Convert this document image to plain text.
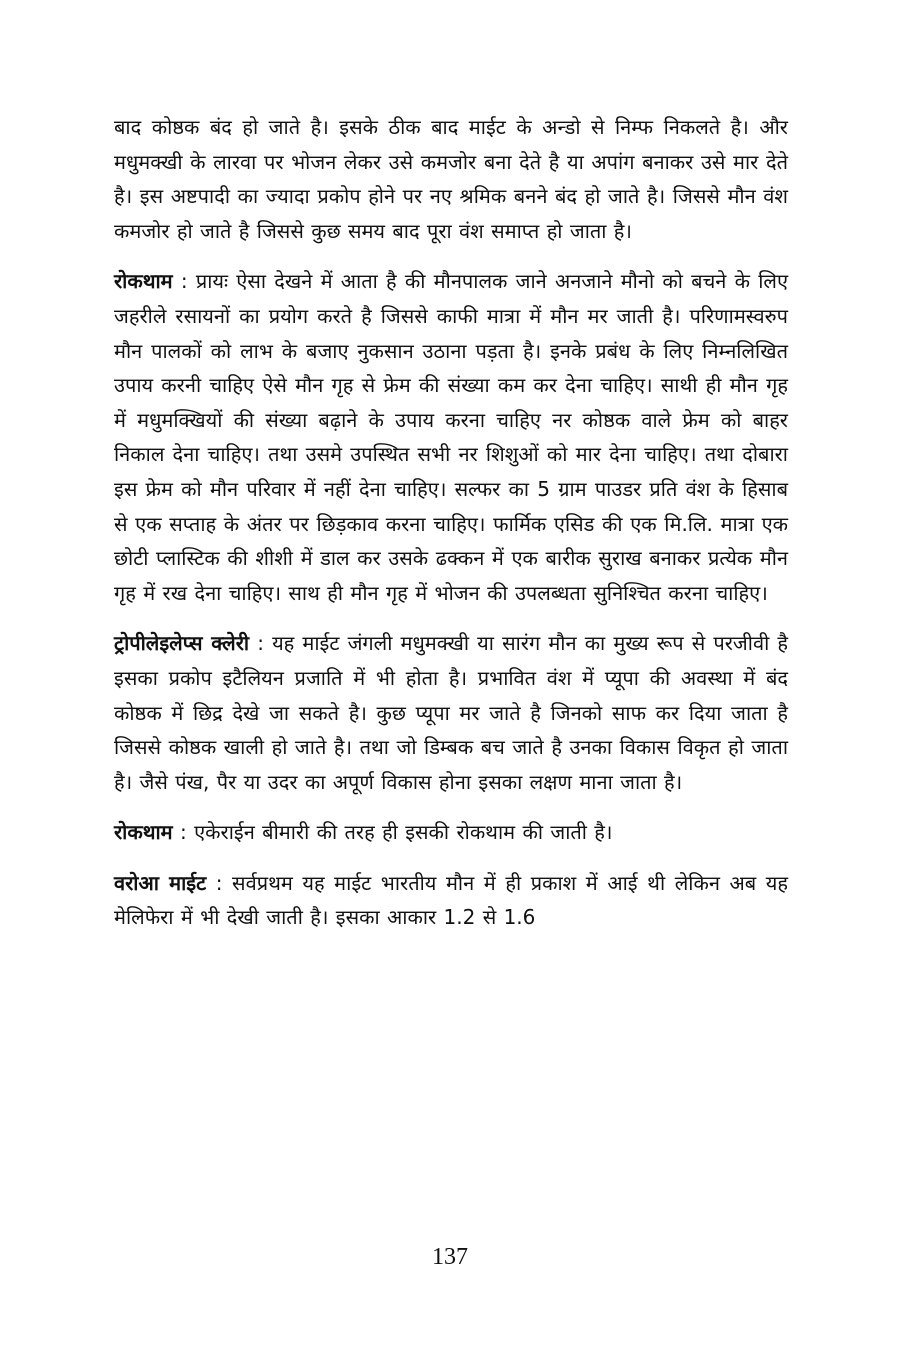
बाद कोष्ठक बंद हो जाते है। इसके ठीक बाद माईट के अन्डो से निम्फ निकलते है। और मधुमक्खी के लारवा पर भोजन लेकर उसे कमजोर बना देते है या अपांग बनाकर उसे मार देते है। इस अष्टपादी का ज्यादा प्रकोप होने पर नए श्रमिक बनने बंद हो जाते है। जिससे मौन वंश कमजोर हो जाते है जिससे कुछ समय बाद पूरा वंश समाप्त हो जाता है।

रोकथाम : प्रायः ऐसा देखने में आता है की मौनपालक जाने अनजाने मौनो को बचने के लिए जहरीले रसायनों का प्रयोग करते है जिससे काफी मात्रा में मौन मर जाती है। परिणामस्वरुप मौन पालकों को लाभ के बजाए नुकसान उठाना पड़ता है। इनके प्रबंध के लिए निम्नलिखित उपाय करनी चाहिए ऐसे मौन गृह से फ्रेम की संख्या कम कर देना चाहिए। साथी ही मौन गृह में मधुमक्खियों की संख्या बढ़ाने के उपाय करना चाहिए नर कोष्ठक वाले फ्रेम को बाहर निकाल देना चाहिए। तथा उसमे उपस्थित सभी नर शिशुओं को मार देना चाहिए। तथा दोबारा इस फ्रेम को मौन परिवार में नहीं देना चाहिए। सल्फर का 5 ग्राम पाउडर प्रति वंश के हिसाब से एक सप्ताह के अंतर पर छिड़काव करना चाहिए। फार्मिक एसिड की एक मि.लि. मात्रा एक छोटी प्लास्टिक की शीशी में डाल कर उसके ढक्कन में एक बारीक सुराख बनाकर प्रत्येक मौन गृह में रख देना चाहिए। साथ ही मौन गृह में भोजन की उपलब्धता सुनिश्चित करना चाहिए।

ट्रोपीलेइलेप्स क्लेरी : यह माईट जंगली मधुमक्खी या सारंग मौन का मुख्य रूप से परजीवी है इसका प्रकोप इटैलियन प्रजाति में भी होता है। प्रभावित वंश में प्यूपा की अवस्था में बंद कोष्ठक में छिद्र देखे जा सकते है। कुछ प्यूपा मर जाते है जिनको साफ कर दिया जाता है जिससे कोष्ठक खाली हो जाते है। तथा जो डिम्बक बच जाते है उनका विकास विकृत हो जाता है। जैसे पंख, पैर या उदर का अपूर्ण विकास होना इसका लक्षण माना जाता है।

रोकथाम : एकेराईन बीमारी की तरह ही इसकी रोकथाम की जाती है।

वरोआ माईट : सर्वप्रथम यह माईट भारतीय मौन में ही प्रकाश में आई थी लेकिन अब यह मेलिफेरा में भी देखी जाती है। इसका आकार 1.2 से 1.6

137
